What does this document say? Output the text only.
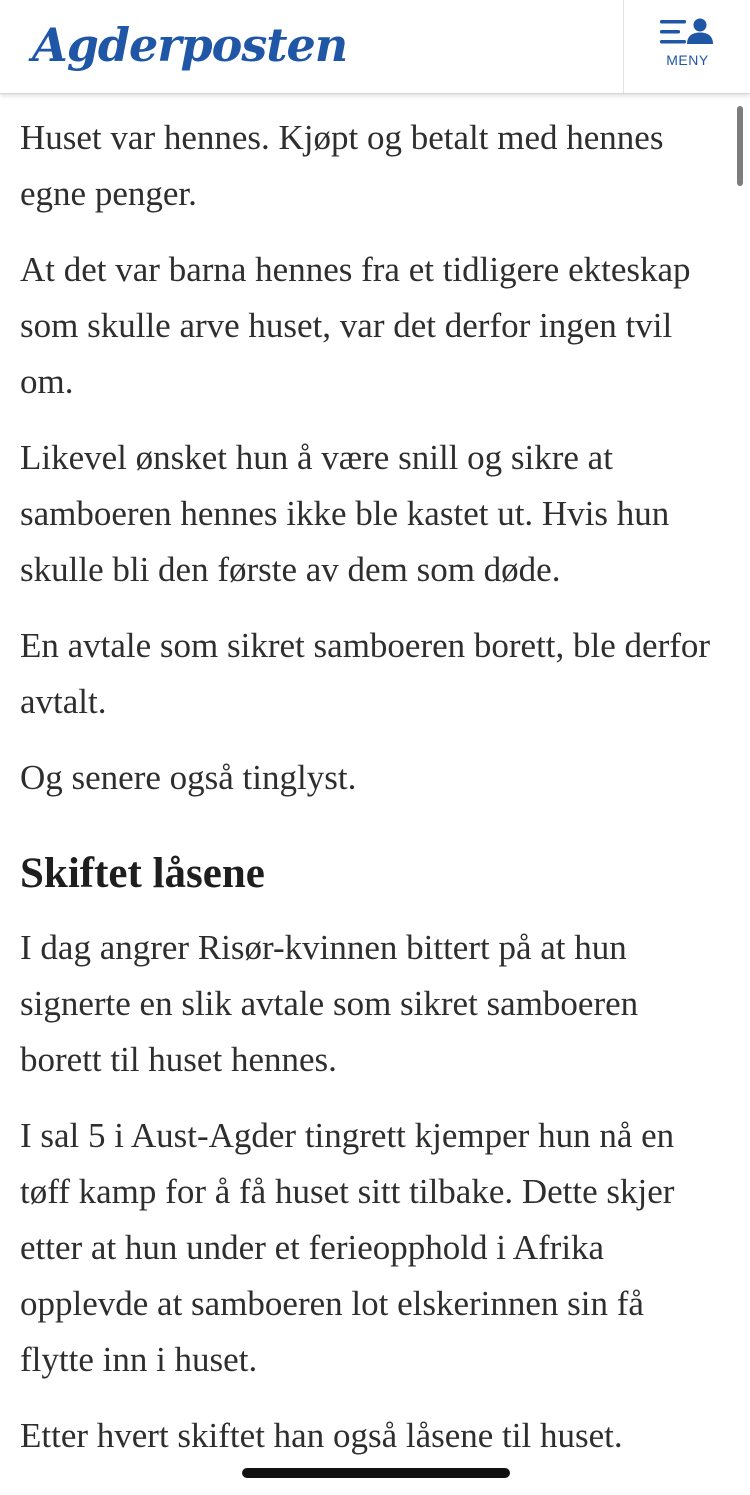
Agderposten	MENY

Huset var hennes. Kjøpt og betalt med hennes egne penger.

At det var barna hennes fra et tidligere ekteskap som skulle arve huset, var det derfor ingen tvil om.

Likevel ønsket hun å være snill og sikre at samboeren hennes ikke ble kastet ut. Hvis hun skulle bli den første av dem som døde.

En avtale som sikret samboeren borett, ble derfor avtalt.

Og senere også tinglyst.

Skiftet låsene

I dag angrer Risør-kvinnen bittert på at hun signerte en slik avtale som sikret samboeren borett til huset hennes.

I sal 5 i Aust-Agder tingrett kjemper hun nå en tøff kamp for å få huset sitt tilbake. Dette skjer etter at hun under et ferieopphold i Afrika opplevde at samboeren lot elskerinnen sin få flytte inn i huset.

Etter hvert skiftet han også låsene til huset.
